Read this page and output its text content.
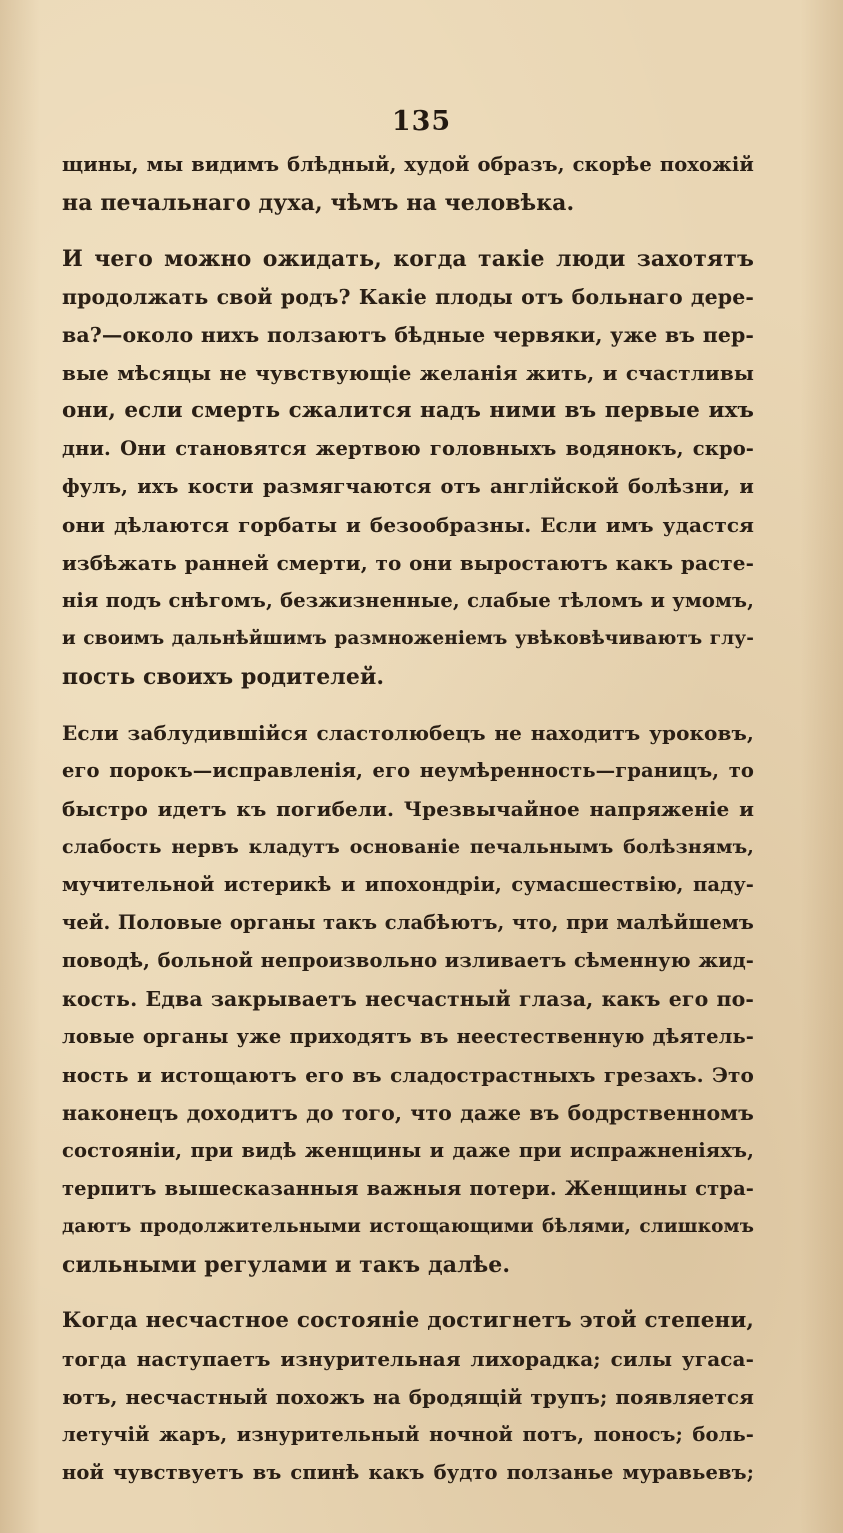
135
щины, мы видимъ блѣдный, худой образъ, скорѣе похожій
на печальнаго духа, чѣмъ на человѣка.
И чего можно ожидать, когда такіе люди захотятъ
продолжать свой родъ? Какіе плоды отъ больнаго дере-
ва?—около нихъ ползаютъ бѣдные червяки, уже въ пер-
вые мѣсяцы не чувствующіе желанія жить, и счастливы
они, если смерть сжалится надъ ними въ первые ихъ
дни. Они становятся жертвою головныхъ водянокъ, скро-
фулъ, ихъ кости размягчаются отъ англійской болѣзни, и
они дѣлаются горбаты и безообразны. Если имъ удастся
избѣжать ранней смерти, то они выростаютъ какъ расте-
нія подъ снѣгомъ, безжизненные, слабые тѣломъ и умомъ,
и своимъ дальнѣйшимъ размноженіемъ увѣковѣчиваютъ глу-
пость своихъ родителей.
Если заблудившійся сластолюбецъ не находитъ уроковъ,
его порокъ—исправленія, его неумѣренность—границъ, то
быстро идетъ къ погибели. Чрезвычайное напряженіе и
слабость нервъ кладутъ основаніе печальнымъ болѣзнямъ,
мучительной истерикѣ и ипохондріи, сумасшествію, паду-
чей. Половые органы такъ слабѣютъ, что, при малѣйшемъ
поводѣ, больной непроизвольно изливаетъ сѣменную жид-
кость. Едва закрываетъ несчастный глаза, какъ его по-
ловые органы уже приходятъ въ неестественную дѣятель-
ность и истощаютъ его въ сладострастныхъ грезахъ. Это
наконецъ доходитъ до того, что даже въ бодрственномъ
состояніи, при видѣ женщины и даже при испражненіяхъ,
терпитъ вышесказанныя важныя потери. Женщины стра-
даютъ продолжительными истощающими бѣлями, слишкомъ
сильными регулами и такъ далѣе.
Когда несчастное состояніе достигнетъ этой степени,
тогда наступаетъ изнурительная лихорадка; силы угаса-
ютъ, несчастный похожъ на бродящій трупъ; появляется
летучій жаръ, изнурительный ночной потъ, поносъ; боль-
ной чувствуетъ въ спинѣ какъ будто ползанье муравьевъ;
